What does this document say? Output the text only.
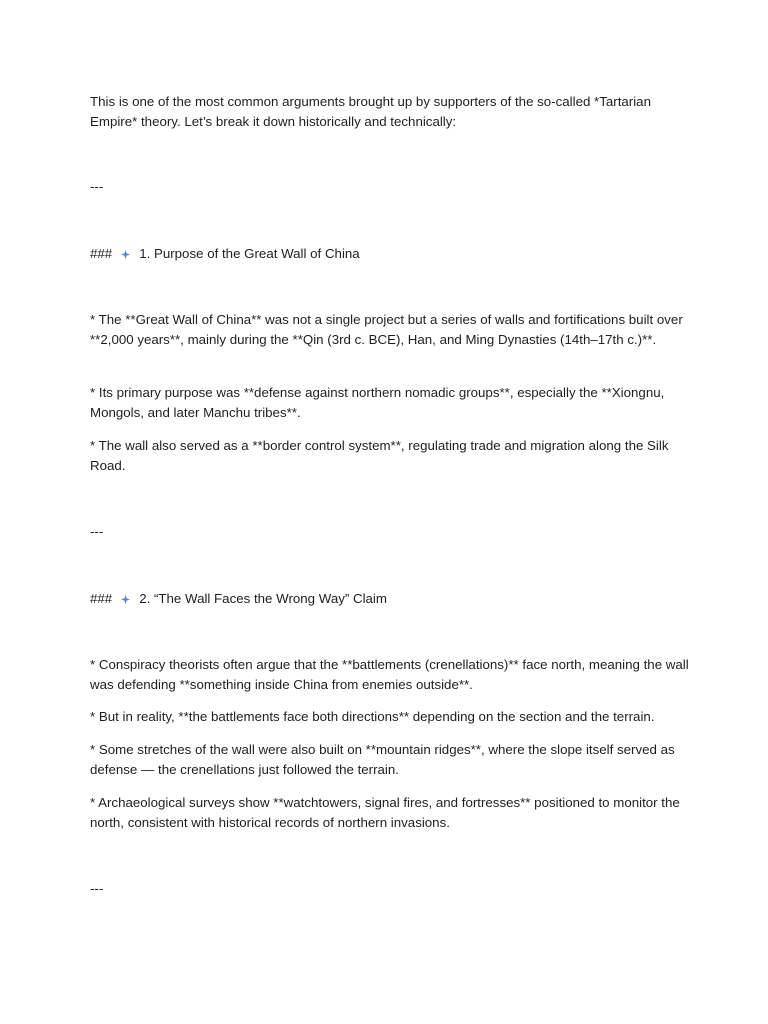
This is one of the most common arguments brought up by supporters of the so-called *Tartarian Empire* theory. Let’s break it down historically and technically:

---
### 1. Purpose of the Great Wall of China

* The **Great Wall of China** was not a single project but a series of walls and fortifications built over **2,000 years**, mainly during the **Qin (3rd c. BCE), Han, and Ming Dynasties (14th–17th c.)**.

* Its primary purpose was **defense against northern nomadic groups**, especially the **Xiongnu, Mongols, and later Manchu tribes**.

* The wall also served as a **border control system**, regulating trade and migration along the Silk Road.

---
### 2. “The Wall Faces the Wrong Way” Claim

* Conspiracy theorists often argue that the **battlements (crenellations)** face north, meaning the wall was defending **something inside China from enemies outside**.

* But in reality, **the battlements face both directions** depending on the section and the terrain.

* Some stretches of the wall were also built on **mountain ridges**, where the slope itself served as defense — the crenellations just followed the terrain.

* Archaeological surveys show **watchtowers, signal fires, and fortresses** positioned to monitor the north, consistent with historical records of northern invasions.

---
